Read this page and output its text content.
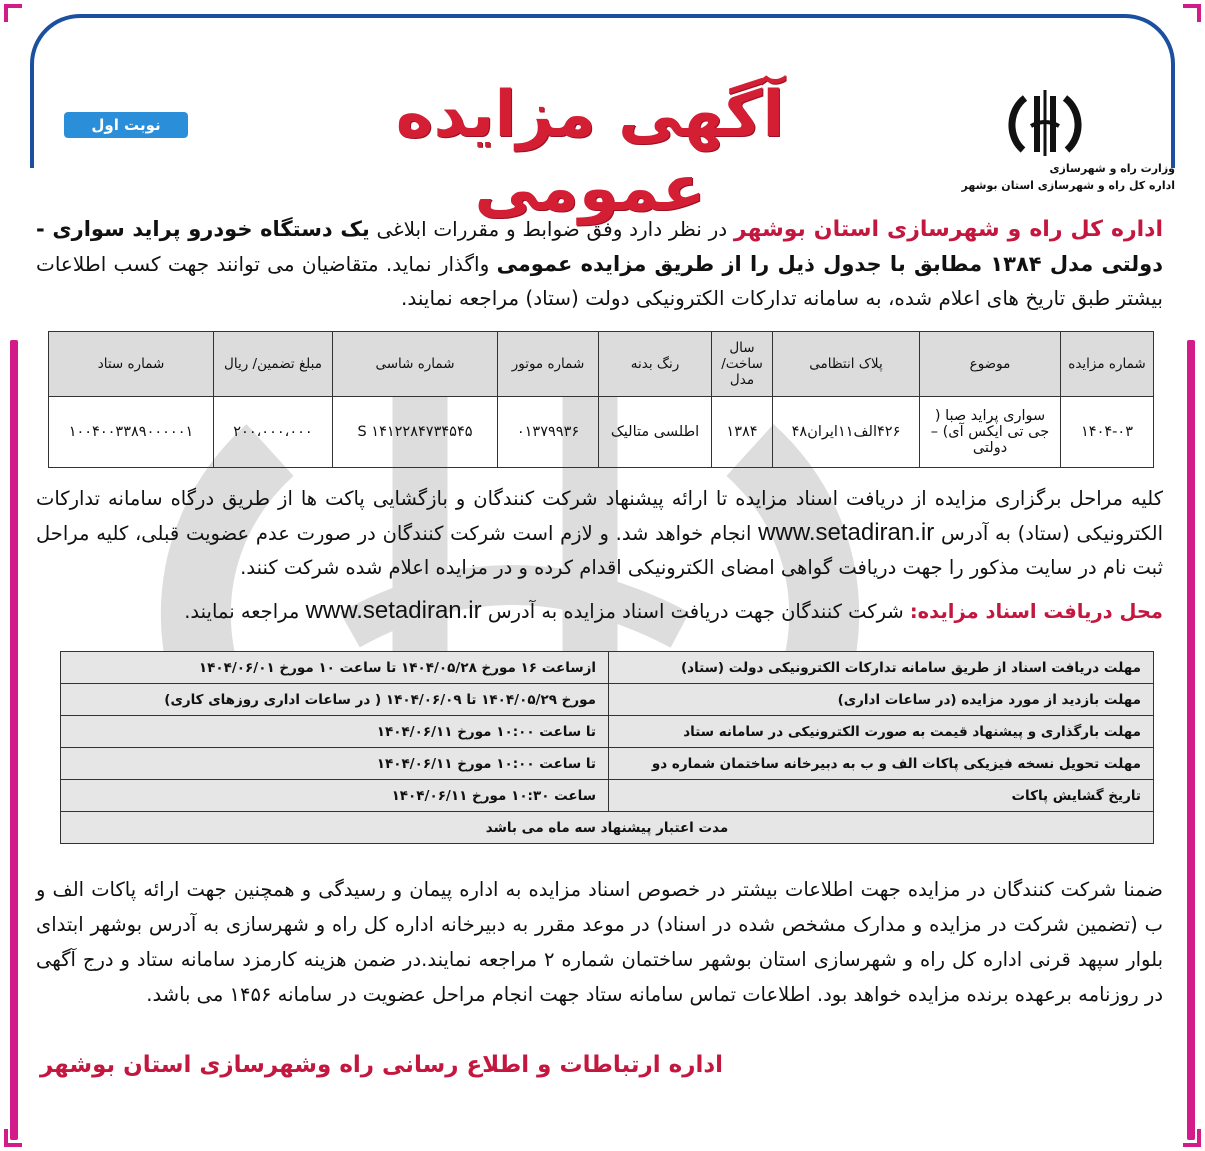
وزارت راه و شهرسازی
اداره کل راه و شهرسازی استان بوشهر
آگهی مزایده عمومی
نوبت اول
اداره کل راه و شهرسازی استان بوشهر در نظر دارد وفق ضوابط و مقررات ابلاغی یک دستگاه خودرو پراید سواری - دولتی مدل ۱۳۸۴ مطابق با جدول ذیل را از طریق مزایده عمومی واگذار نماید. متقاضیان می توانند جهت کسب اطلاعات بیشتر طبق تاریخ های اعلام شده، به سامانه تدارکات الکترونیکی دولت (ستاد) مراجعه نمایند.
شماره مزایده	موضوع	پلاک انتظامی	سال ساخت/ مدل	رنگ بدنه	شماره موتور	شماره شاسی	مبلغ تضمین/ ریال	شماره ستاد
۱۴۰۴-۰۳	سواری پراید صبا ( جی تی ایکس آی) –دولتی	۴۲۶الف۱۱ایران۴۸	۱۳۸۴	اطلسی متالیک	۰۱۳۷۹۹۳۶	S ۱۴۱۲۲۸۴۷۳۴۵۴۵	۲۰۰،۰۰۰،۰۰۰	۱۰۰۴۰۰۳۳۸۹۰۰۰۰۰۱
کلیه مراحل برگزاری مزایده از دریافت اسناد مزایده تا ارائه پیشنهاد شرکت کنندگان و بازگشایی پاکت ها از طریق درگاه سامانه تدارکات الکترونیکی (ستاد) به آدرس www.setadiran.ir انجام خواهد شد. و لازم است شرکت کنندگان در صورت عدم عضویت قبلی، کلیه مراحل ثبت نام در سایت مذکور را جهت دریافت گواهی امضای الکترونیکی اقدام کرده و در مزایده اعلام شده شرکت کنند.
محل دریافت اسناد مزایده: شرکت کنندگان جهت دریافت اسناد مزایده به آدرس www.setadiran.ir مراجعه نمایند.
مهلت دریافت اسناد از طریق سامانه تدارکات الکترونیکی دولت (ستاد)	ازساعت ۱۶ مورخ ۱۴۰۴/۰۵/۲۸ تا ساعت ۱۰ مورخ ۱۴۰۴/۰۶/۰۱
مهلت بازدید از مورد مزایده (در ساعات اداری)	مورخ ۱۴۰۴/۰۵/۲۹ تا ۱۴۰۴/۰۶/۰۹ ( در ساعات اداری روزهای کاری)
مهلت بارگذاری و پیشنهاد قیمت به صورت الکترونیکی در سامانه ستاد	تا ساعت ۱۰:۰۰ مورخ ۱۴۰۴/۰۶/۱۱
مهلت تحویل نسخه فیزیکی پاکات الف و ب به دبیرخانه ساختمان شماره دو	تا ساعت ۱۰:۰۰ مورخ ۱۴۰۴/۰۶/۱۱
تاریخ گشایش پاکات	ساعت ۱۰:۳۰ مورخ ۱۴۰۴/۰۶/۱۱
مدت اعتبار پیشنهاد سه ماه می باشد	
ضمنا شرکت کنندگان در مزایده جهت اطلاعات بیشتر در خصوص اسناد مزایده به اداره پیمان و رسیدگی و همچنین جهت ارائه پاکات الف و ب (تضمین شرکت در مزایده و مدارک مشخص شده در اسناد) در موعد مقرر به دبیرخانه اداره کل راه و شهرسازی به آدرس بوشهر ابتدای بلوار سپهد قرنی اداره کل راه و شهرسازی استان بوشهر ساختمان شماره ۲ مراجعه نمایند.در ضمن هزینه کارمزد سامانه ستاد و درج آگهی در روزنامه برعهده برنده مزایده خواهد بود. اطلاعات تماس سامانه ستاد جهت انجام مراحل عضویت در سامانه ۱۴۵۶ می باشد.
اداره ارتباطات و اطلاع رسانی راه وشهرسازی استان بوشهر
